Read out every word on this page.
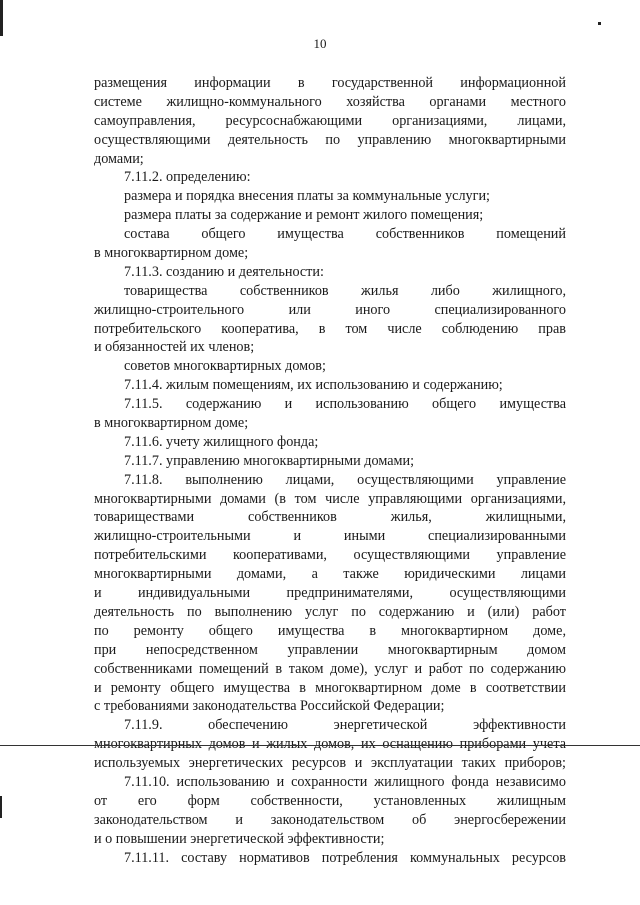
10
размещения информации в государственной информационной
системе жилищно-коммунального хозяйства органами местного
самоуправления, ресурсоснабжающими организациями, лицами,
осуществляющими деятельность по управлению многоквартирными
домами;
7.11.2. определению:
размера и порядка внесения платы за коммунальные услуги;
размера платы за содержание и ремонт жилого помещения;
состава общего имущества собственников помещений
в многоквартирном доме;
7.11.3. созданию и деятельности:
товарищества собственников жилья либо жилищного,
жилищно-строительного или иного специализированного
потребительского кооператива, в том числе соблюдению прав
и обязанностей их членов;
советов многоквартирных домов;
7.11.4. жилым помещениям, их использованию и содержанию;
7.11.5. содержанию и использованию общего имущества
в многоквартирном доме;
7.11.6. учету жилищного фонда;
7.11.7. управлению многоквартирными домами;
7.11.8. выполнению лицами, осуществляющими управление
многоквартирными домами (в том числе управляющими организациями,
товариществами собственников жилья, жилищными,
жилищно-строительными и иными специализированными
потребительскими кооперативами, осуществляющими управление
многоквартирными домами, а также юридическими лицами
и индивидуальными предпринимателями, осуществляющими
деятельность по выполнению услуг по содержанию и (или) работ
по ремонту общего имущества в многоквартирном доме,
при непосредственном управлении многоквартирным домом
собственниками помещений в таком доме), услуг и работ по содержанию
и ремонту общего имущества в многоквартирном доме в соответствии
с требованиями законодательства Российской Федерации;
7.11.9. обеспечению энергетической эффективности
многоквартирных домов и жилых домов, их оснащению приборами учета
используемых энергетических ресурсов и эксплуатации таких приборов;
7.11.10. использованию и сохранности жилищного фонда независимо
от его форм собственности, установленных жилищным
законодательством и законодательством об энергосбережении
и о повышении энергетической эффективности;
7.11.11. составу нормативов потребления коммунальных ресурсов
